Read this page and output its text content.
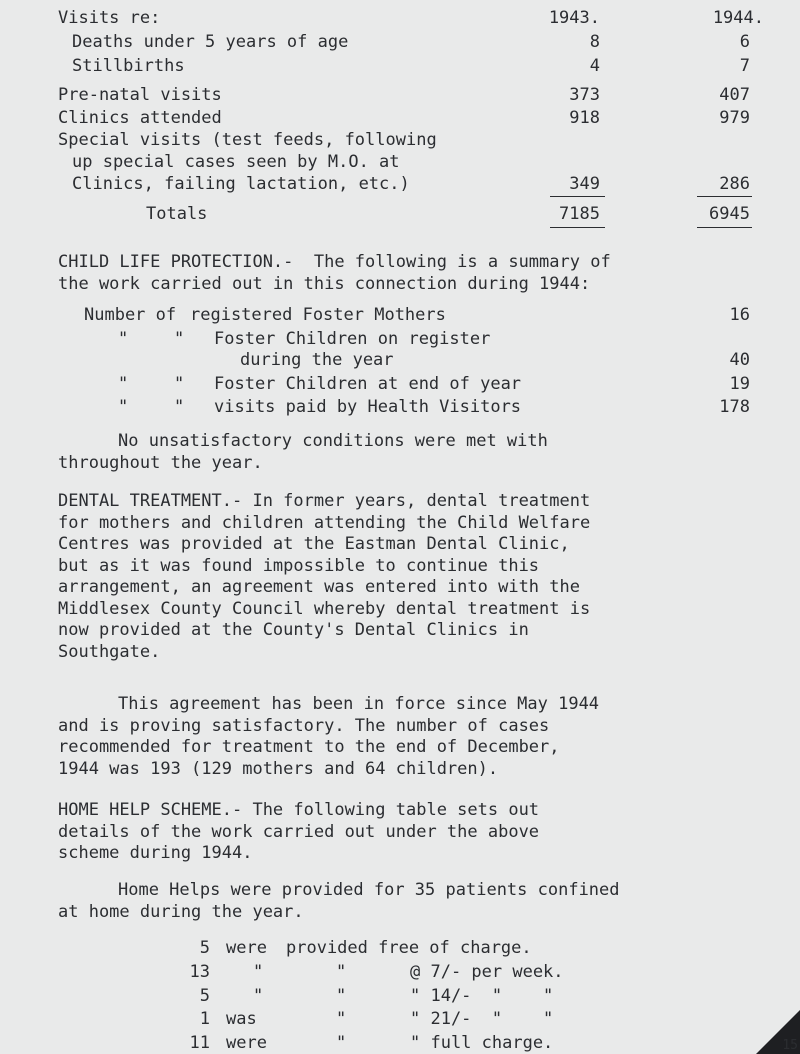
Visits re:	1943.	1944.
Deaths under 5 years of age	8	6
Stillbirths	4	7
Pre-natal visits	373	407
Clinics attended	918	979
Special visits (test feeds, following
up special cases seen by M.O. at
Clinics, failing lactation, etc.)	349	286
Totals	7185	6945
CHILD LIFE PROTECTION.-  The following is a summary of
the work carried out in this connection during 1944:
Number of registered Foster Mothers	16
"	" Foster Children on register
during the year	40
"	" Foster Children at end of year	19
"	" visits paid by Health Visitors	178
No unsatisfactory conditions were met with
throughout the year.
DENTAL TREATMENT.- In former years, dental treatment
for mothers and children attending the Child Welfare
Centres was provided at the Eastman Dental Clinic,
but as it was found impossible to continue this
arrangement, an agreement was entered into with the
Middlesex County Council whereby dental treatment is
now provided at the County's Dental Clinics in
Southgate.
This agreement has been in force since May 1944
and is proving satisfactory. The number of cases
recommended for treatment to the end of December,
1944 was 193 (129 mothers and 64 children).
HOME HELP SCHEME.- The following table sets out
details of the work carried out under the above
scheme during 1944.
Home Helps were provided for 35 patients confined
at home during the year.
5 were provided free of charge.
13	"	"	@ 7/- per week.
5	"	"	" 14/-  "    "
1 was	"	" 21/-  "    "
11 were	"	" full charge.	15
